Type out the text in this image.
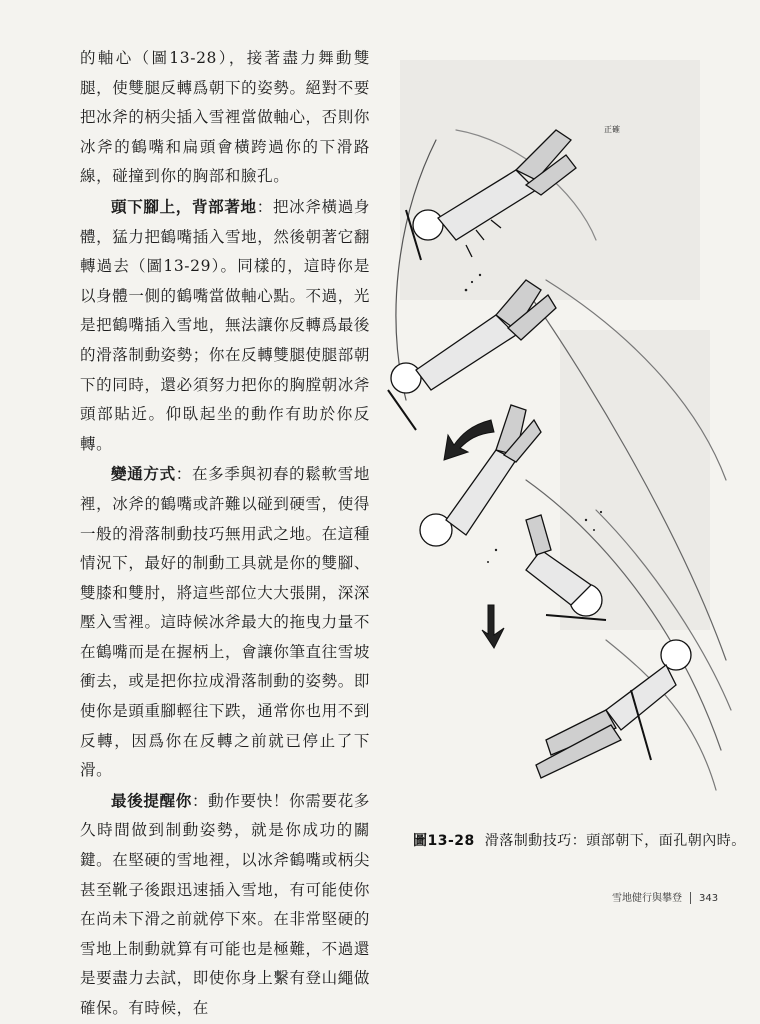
的軸心（圖13-28），接著盡力舞動雙腿，使雙腿反轉爲朝下的姿勢。絕對不要把冰斧的柄尖插入雪裡當做軸心，否則你冰斧的鶴嘴和扁頭會橫跨過你的下滑路線，碰撞到你的胸部和臉孔。

頭下腳上，背部著地：把冰斧橫過身體，猛力把鶴嘴插入雪地，然後朝著它翻轉過去（圖13-29）。同樣的，這時你是以身體一側的鶴嘴當做軸心點。不過，光是把鶴嘴插入雪地，無法讓你反轉爲最後的滑落制動姿勢；你在反轉雙腿使腿部朝下的同時，還必須努力把你的胸膛朝冰斧頭部貼近。仰臥起坐的動作有助於你反轉。

變通方式：在多季與初春的鬆軟雪地裡，冰斧的鶴嘴或許難以碰到硬雪，使得一般的滑落制動技巧無用武之地。在這種情況下，最好的制動工具就是你的雙腳、雙膝和雙肘，將這些部位大大張開，深深壓入雪裡。這時候冰斧最大的拖曳力量不在鶴嘴而是在握柄上，會讓你筆直往雪坡衝去，或是把你拉成滑落制動的姿勢。即使你是頭重腳輕往下跌，通常你也用不到反轉，因爲你在反轉之前就已停止了下滑。

最後提醒你：動作要快！你需要花多久時間做到制動姿勢，就是你成功的關鍵。在堅硬的雪地裡，以冰斧鶴嘴或柄尖甚至靴子後跟迅速插入雪地，有可能使你在尚未下滑之前就停下來。在非常堅硬的雪地上制動就算有可能也是極難，不過還是要盡力去試，即使你身上繫有登山繩做確保。有時候，在

正確
圖13-28 滑落制動技巧：頭部朝下，面孔朝內時。
雪地健行與攀登 343
